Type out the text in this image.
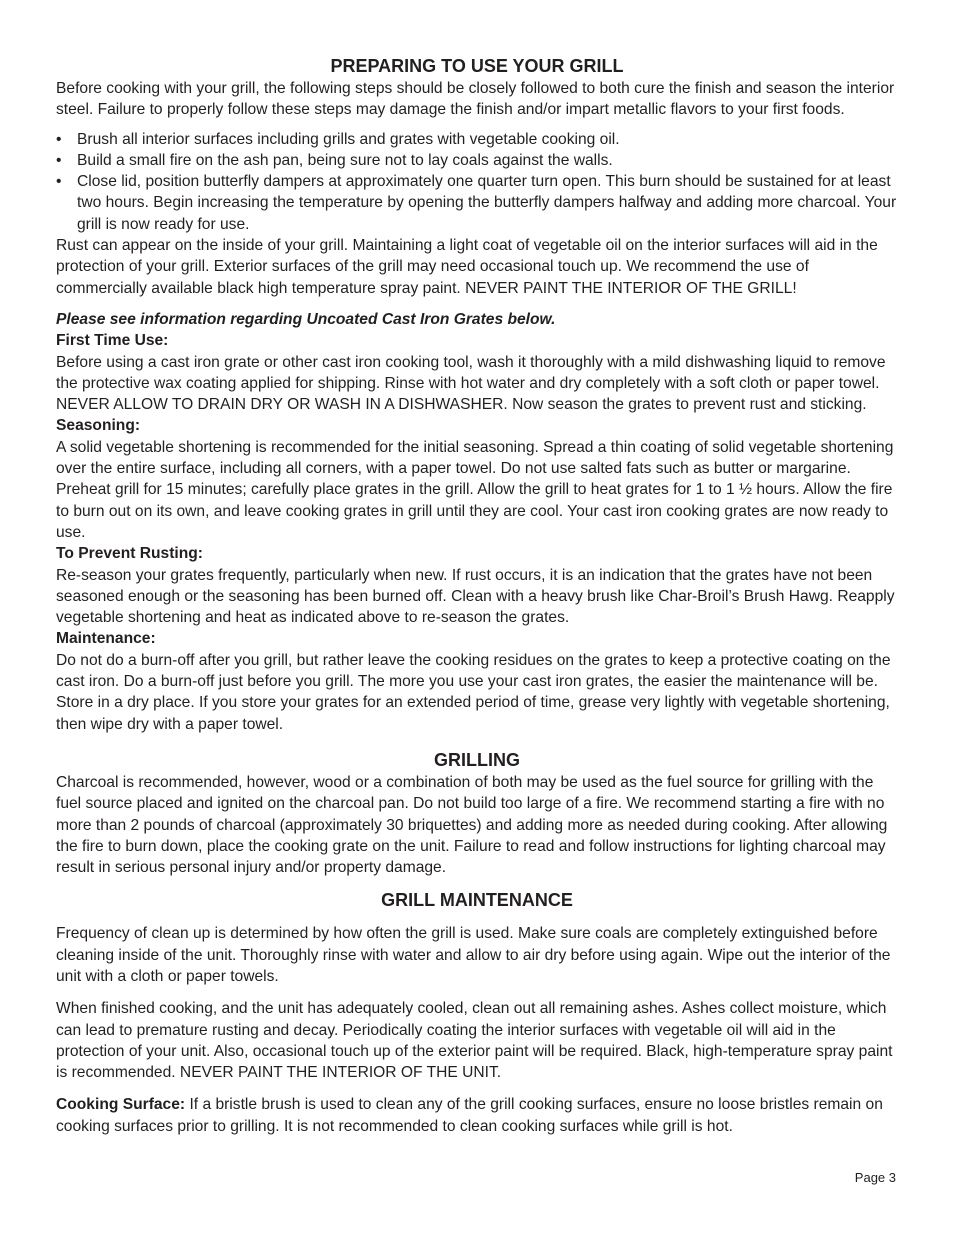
PREPARING TO USE YOUR GRILL

Before cooking with your grill, the following steps should be closely followed to both cure the finish and season the interior steel. Failure to properly follow these steps may damage the finish and/or impart metallic flavors to your first foods.

• Brush all interior surfaces including grills and grates with vegetable cooking oil.
• Build a small fire on the ash pan, being sure not to lay coals against the walls.
• Close lid, position butterfly dampers at approximately one quarter turn open. This burn should be sustained for at least two hours. Begin increasing the temperature by opening the butterfly dampers halfway and adding more charcoal. Your grill is now ready for use.

Rust can appear on the inside of your grill. Maintaining a light coat of vegetable oil on the interior surfaces will aid in the protection of your grill. Exterior surfaces of the grill may need occasional touch up. We recommend the use of commercially available black high temperature spray paint. NEVER PAINT THE INTERIOR OF THE GRILL!

Please see information regarding Uncoated Cast Iron Grates below.

First Time Use:

Before using a cast iron grate or other cast iron cooking tool, wash it thoroughly with a mild dishwashing liquid to remove the protective wax coating applied for shipping. Rinse with hot water and dry completely with a soft cloth or paper towel. NEVER ALLOW TO DRAIN DRY OR WASH IN A DISHWASHER. Now season the grates to prevent rust and sticking.

Seasoning:

A solid vegetable shortening is recommended for the initial seasoning. Spread a thin coating of solid vegetable shortening over the entire surface, including all corners, with a paper towel. Do not use salted fats such as butter or margarine. Preheat grill for 15 minutes; carefully place grates in the grill. Allow the grill to heat grates for 1 to 1 ½ hours. Allow the fire to burn out on its own, and leave cooking grates in grill until they are cool. Your cast iron cooking grates are now ready to use.

To Prevent Rusting:

Re-season your grates frequently, particularly when new. If rust occurs, it is an indication that the grates have not been seasoned enough or the seasoning has been burned off. Clean with a heavy brush like Char-Broil’s Brush Hawg. Reapply vegetable shortening and heat as indicated above to re-season the grates.

Maintenance:

Do not do a burn-off after you grill, but rather leave the cooking residues on the grates to keep a protective coating on the cast iron. Do a burn-off just before you grill. The more you use your cast iron grates, the easier the maintenance will be. Store in a dry place. If you store your grates for an extended period of time, grease very lightly with vegetable shortening, then wipe dry with a paper towel.

GRILLING

Charcoal is recommended, however, wood or a combination of both may be used as the fuel source for grilling with the fuel source placed and ignited on the charcoal pan. Do not build too large of a fire. We recommend starting a fire with no more than 2 pounds of charcoal (approximately 30 briquettes) and adding more as needed during cooking. After allowing the fire to burn down, place the cooking grate on the unit. Failure to read and follow instructions for lighting charcoal may result in serious personal injury and/or property damage.

GRILL MAINTENANCE

Frequency of clean up is determined by how often the grill is used. Make sure coals are completely extinguished before cleaning inside of the unit. Thoroughly rinse with water and allow to air dry before using again. Wipe out the interior of the unit with a cloth or paper towels.

When finished cooking, and the unit has adequately cooled, clean out all remaining ashes. Ashes collect moisture, which can lead to premature rusting and decay. Periodically coating the interior surfaces with vegetable oil will aid in the protection of your unit. Also, occasional touch up of the exterior paint will be required. Black, high-temperature spray paint is recommended. NEVER PAINT THE INTERIOR OF THE UNIT.

Cooking Surface: If a bristle brush is used to clean any of the grill cooking surfaces, ensure no loose bristles remain on cooking surfaces prior to grilling. It is not recommended to clean cooking surfaces while grill is hot.

Page 3
